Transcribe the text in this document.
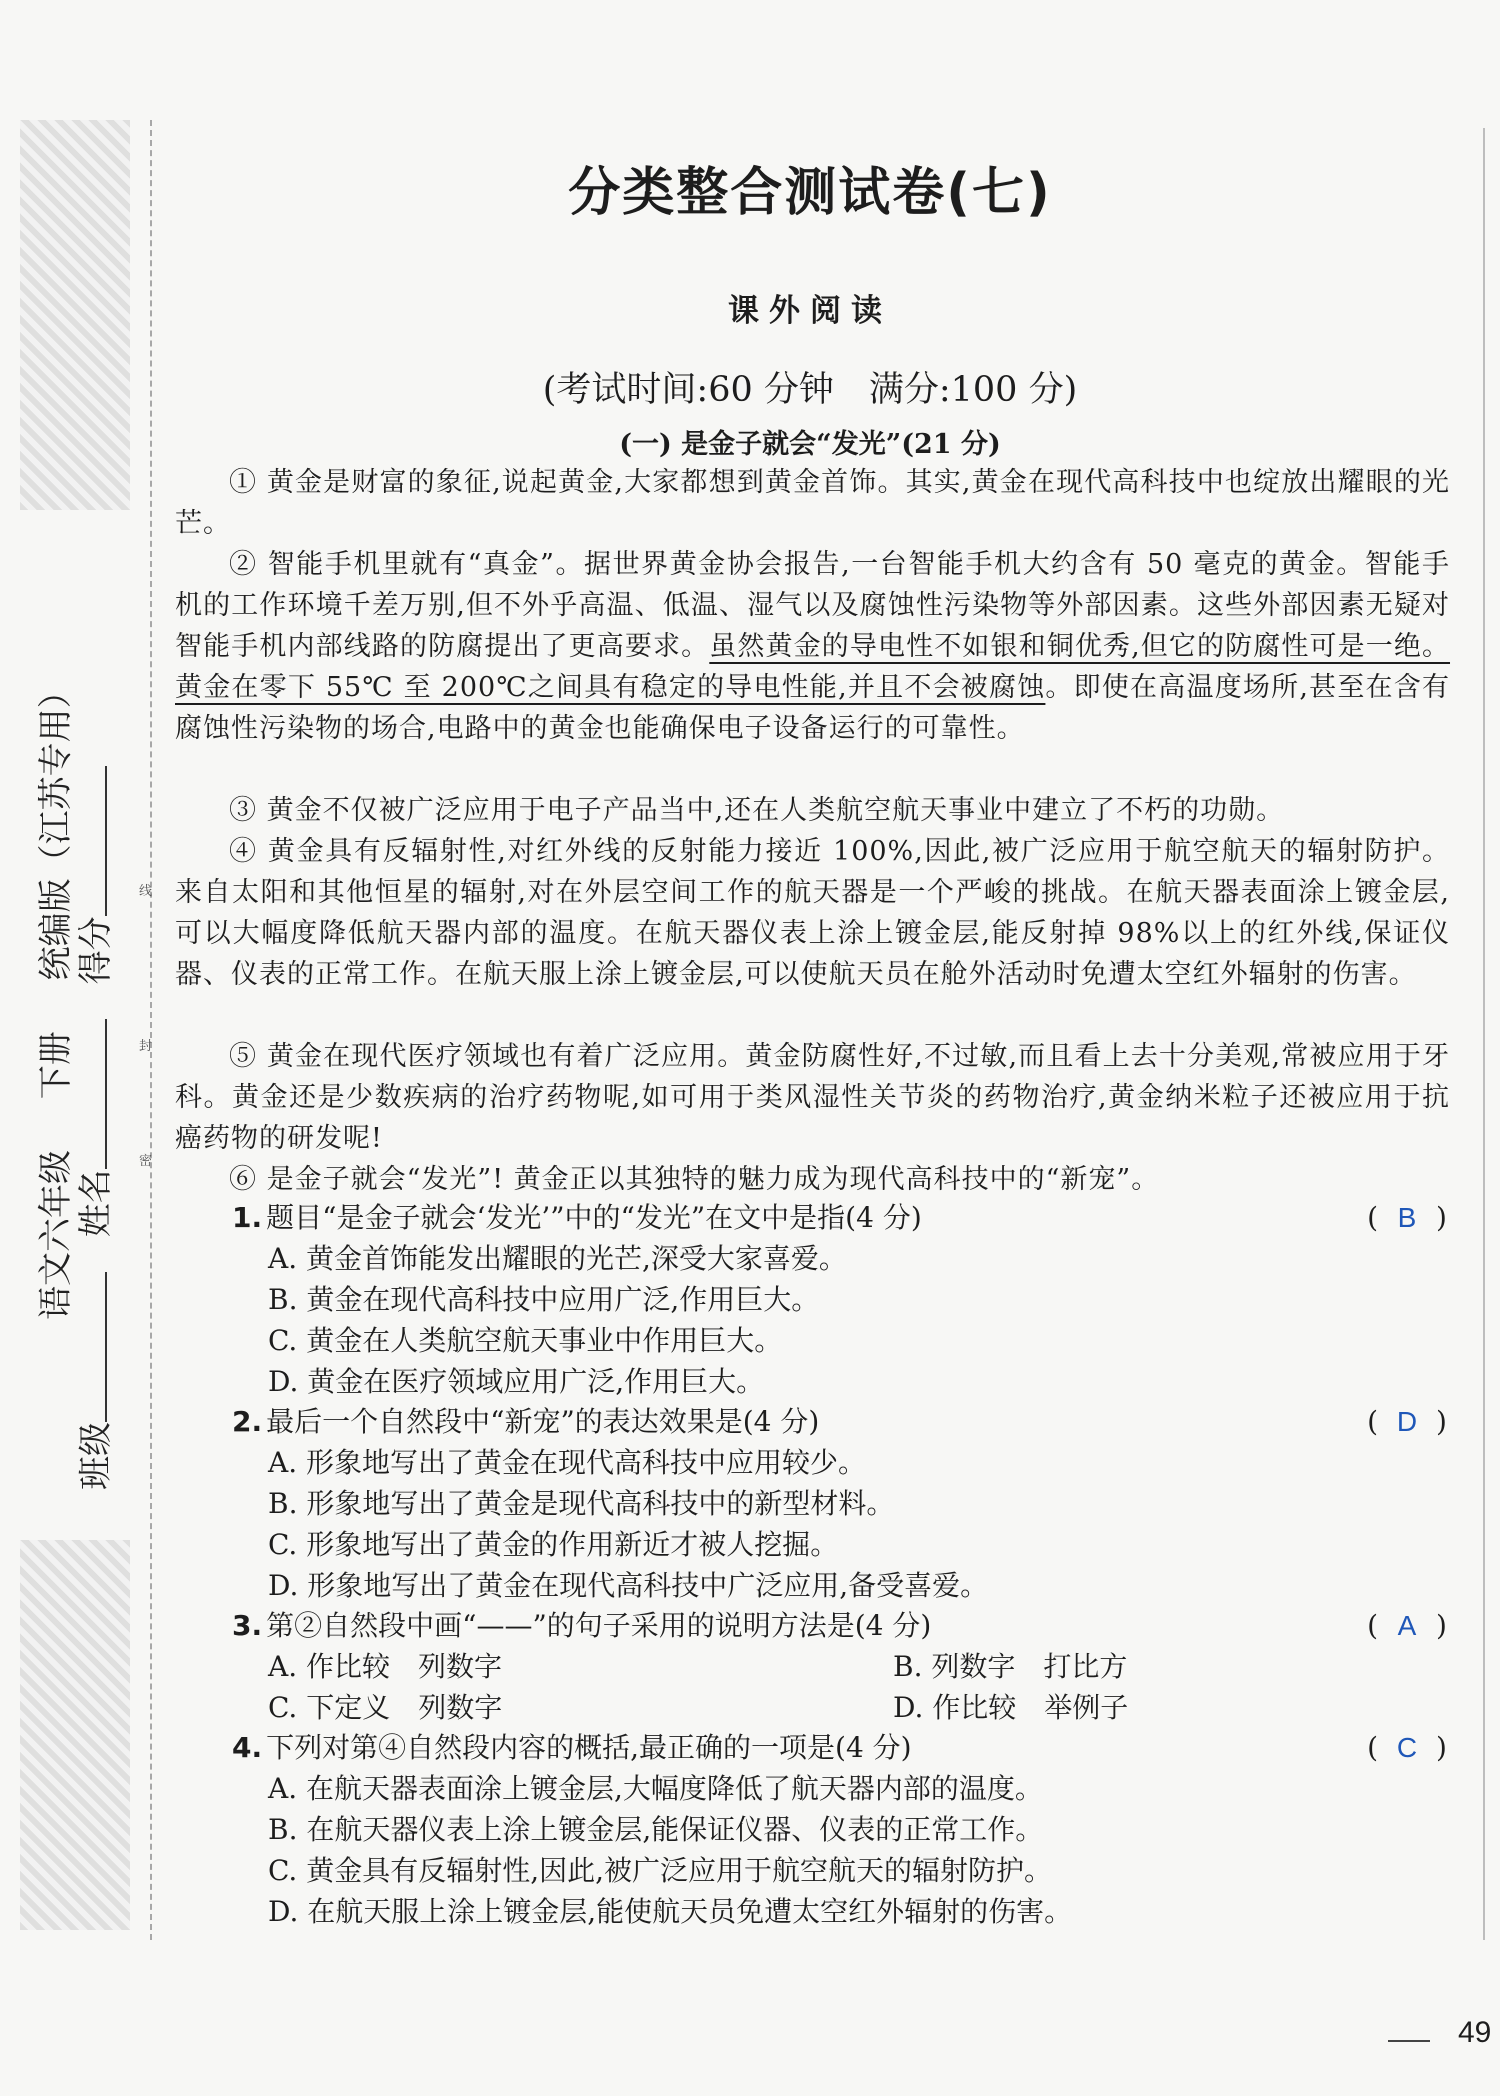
线
封
密
班级 姓名 得分
语文六年级 下册 统编版（江苏专用）
分类整合测试卷(七)
课外阅读
(考试时间:60 分钟　满分:100 分)
(一) 是金子就会“发光”(21 分)
① 黄金是财富的象征,说起黄金,大家都想到黄金首饰。其实,黄金在现代高科技中也绽放出耀眼的光芒。
② 智能手机里就有“真金”。据世界黄金协会报告,一台智能手机大约含有 50 毫克的黄金。智能手机的工作环境千差万别,但不外乎高温、低温、湿气以及腐蚀性污染物等外部因素。这些外部因素无疑对智能手机内部线路的防腐提出了更高要求。虽然黄金的导电性不如银和铜优秀,但它的防腐性可是一绝。黄金在零下 55℃ 至 200℃之间具有稳定的导电性能,并且不会被腐蚀。即使在高温度场所,甚至在含有腐蚀性污染物的场合,电路中的黄金也能确保电子设备运行的可靠性。
③ 黄金不仅被广泛应用于电子产品当中,还在人类航空航天事业中建立了不朽的功勋。
④ 黄金具有反辐射性,对红外线的反射能力接近 100%,因此,被广泛应用于航空航天的辐射防护。来自太阳和其他恒星的辐射,对在外层空间工作的航天器是一个严峻的挑战。在航天器表面涂上镀金层,可以大幅度降低航天器内部的温度。在航天器仪表上涂上镀金层,能反射掉 98%以上的红外线,保证仪器、仪表的正常工作。在航天服上涂上镀金层,可以使航天员在舱外活动时免遭太空红外辐射的伤害。
⑤ 黄金在现代医疗领域也有着广泛应用。黄金防腐性好,不过敏,而且看上去十分美观,常被应用于牙科。黄金还是少数疾病的治疗药物呢,如可用于类风湿性关节炎的药物治疗,黄金纳米粒子还被应用于抗癌药物的研发呢!
⑥ 是金子就会“发光”! 黄金正以其独特的魅力成为现代高科技中的“新宠”。
1. 题目“是金子就会‘发光’”中的“发光”在文中是指(4 分)	( B )
A. 黄金首饰能发出耀眼的光芒,深受大家喜爱。
B. 黄金在现代高科技中应用广泛,作用巨大。
C. 黄金在人类航空航天事业中作用巨大。
D. 黄金在医疗领域应用广泛,作用巨大。
2. 最后一个自然段中“新宠”的表达效果是(4 分)	( D )
A. 形象地写出了黄金在现代高科技中应用较少。
B. 形象地写出了黄金是现代高科技中的新型材料。
C. 形象地写出了黄金的作用新近才被人挖掘。
D. 形象地写出了黄金在现代高科技中广泛应用,备受喜爱。
3. 第②自然段中画“——”的句子采用的说明方法是(4 分)	( A )
A. 作比较　列数字	B. 列数字　打比方
C. 下定义　列数字	D. 作比较　举例子
4. 下列对第④自然段内容的概括,最正确的一项是(4 分)	( C )
A. 在航天器表面涂上镀金层,大幅度降低了航天器内部的温度。
B. 在航天器仪表上涂上镀金层,能保证仪器、仪表的正常工作。
C. 黄金具有反辐射性,因此,被广泛应用于航空航天的辐射防护。
D. 在航天服上涂上镀金层,能使航天员免遭太空红外辐射的伤害。
49
